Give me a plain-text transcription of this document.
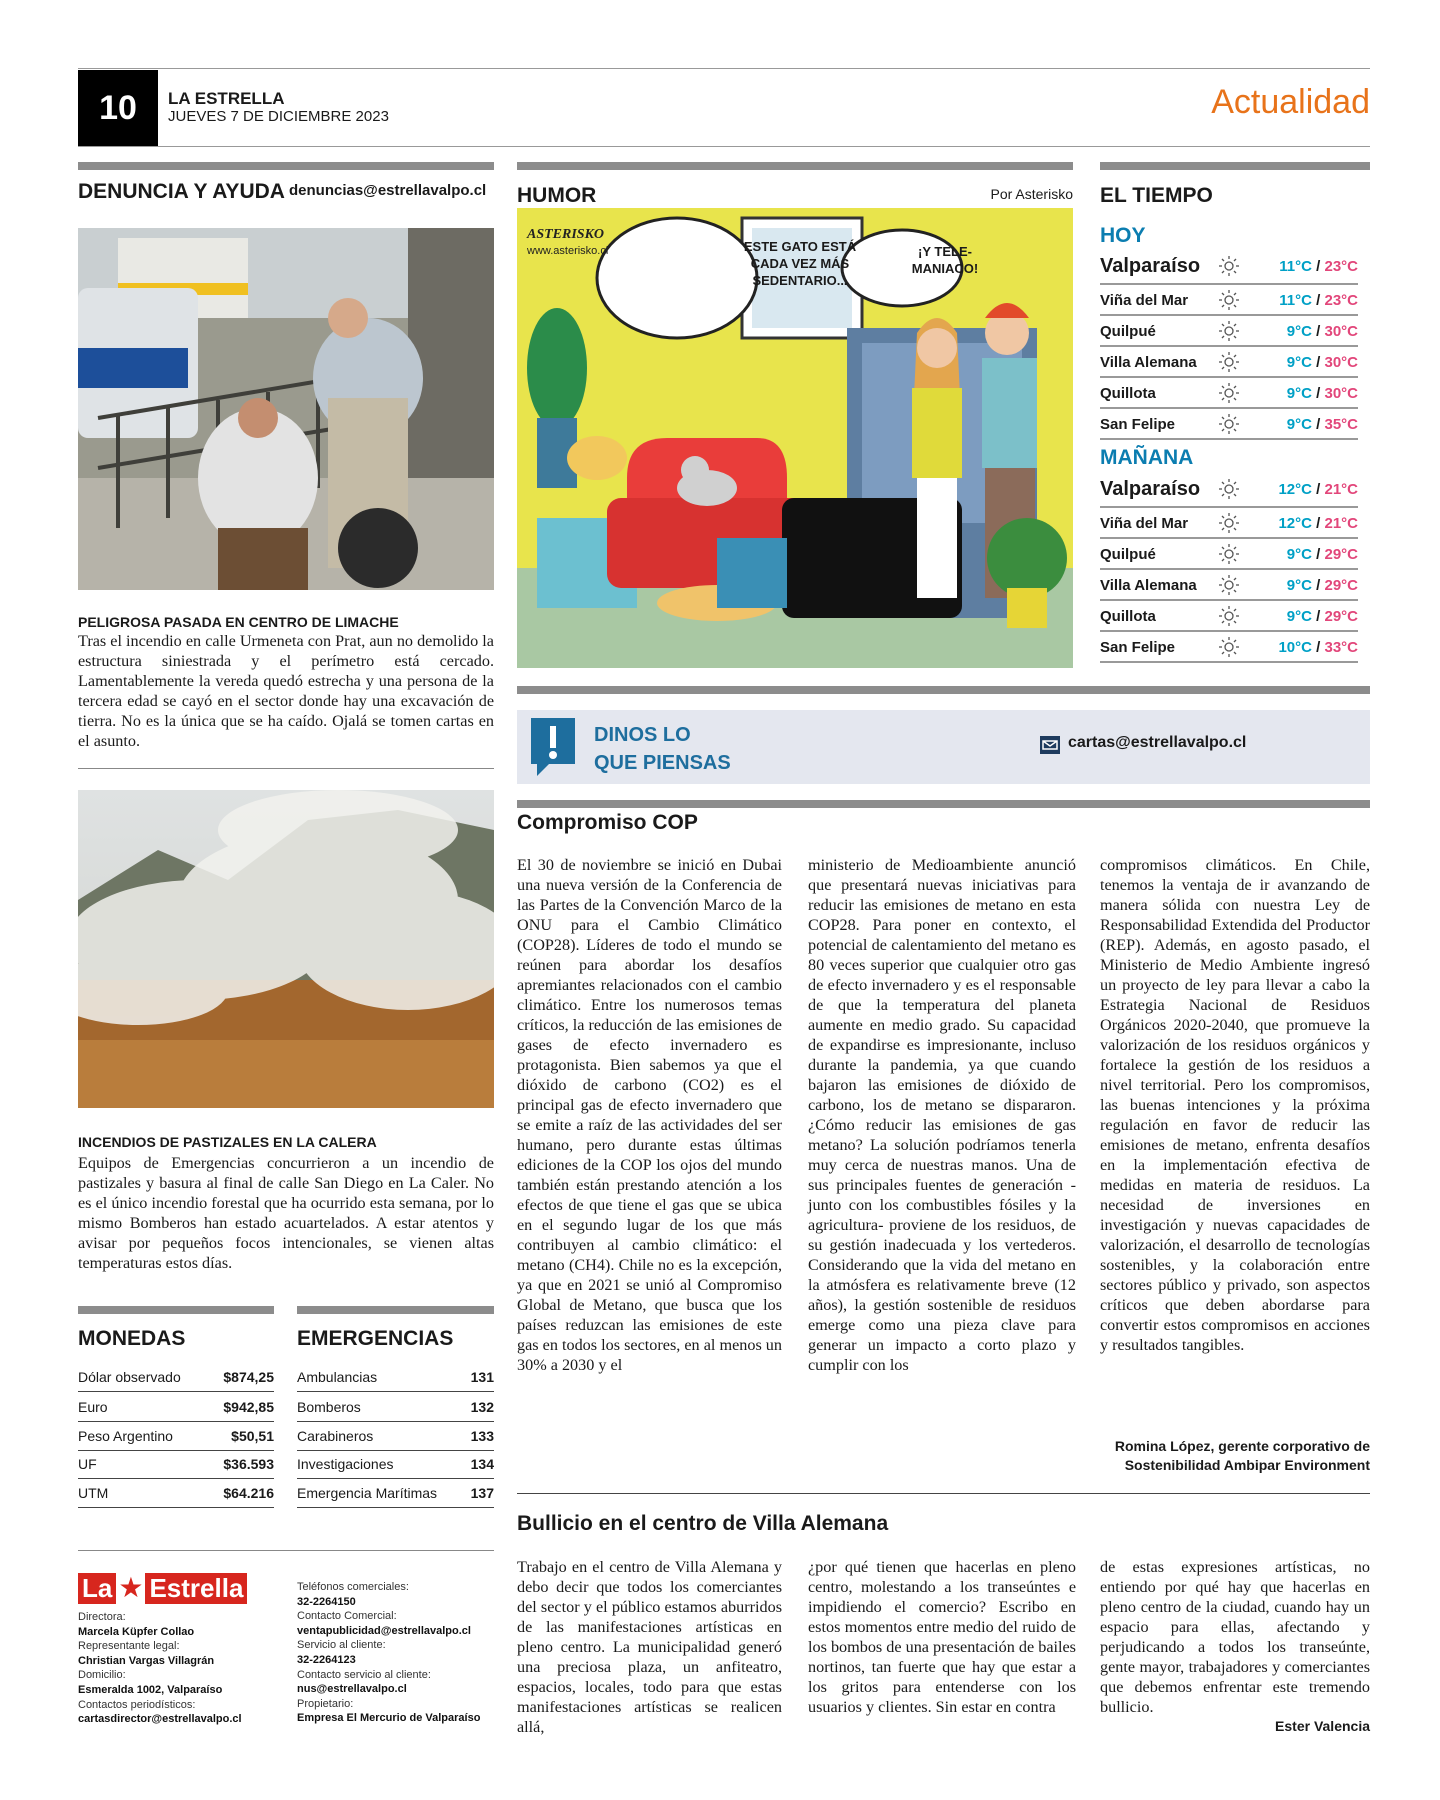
10	LA ESTRELLA
JUEVES 7 DE DICIEMBRE 2023	Actualidad
DENUNCIA Y AYUDA denuncias@estrellavalpo.cl
PELIGROSA PASADA EN CENTRO DE LIMACHE
Tras el incendio en calle Urmeneta con Prat, aun no demolido la estructura siniestrada y el perímetro está cercado. Lamentablemente la vereda quedó estrecha y una persona de la tercera edad se cayó en el sector donde hay una excavación de tierra. No es la única que se ha caído. Ojalá se tomen cartas en el asunto.
INCENDIOS DE PASTIZALES EN LA CALERA
Equipos de Emergencias concurrieron a un incendio de pastizales y basura al final de calle San Diego en La Caler. No es el único incendio forestal que ha ocurrido esta semana, por lo mismo Bomberos han estado acuartelados. A estar atentos y avisar por pequeños focos intencionales, se vienen altas temperaturas estos días.
MONEDAS	EMERGENCIAS
Dólar observado	$874,25
Euro	$942,85
Peso Argentino	$50,51
UF	$36.593
UTM	$64.216
Ambulancias	131
Bomberos	132
Carabineros	133
Investigaciones	134
Emergencia Marítimas 137
La ★ Estrella
Directora:
Marcela Küpfer Collao
Representante legal:
Christian Vargas Villagrán
Domicilio:
Esmeralda 1002, Valparaíso
Contactos periodísticos:
cartasdirector@estrellavalpo.cl
Teléfonos comerciales:
32-2264150
Contacto Comercial:
ventapublicidad@estrellavalpo.cl
Servicio al cliente:
32-2264123
Contacto servicio al cliente:
nus@estrellavalpo.cl
Propietario:
Empresa El Mercurio de Valparaíso
HUMOR	Por Asterisko
ASTERISKO
www.asterisko.cl	ESTE GATO ESTÁ CADA VEZ MÁS SEDENTARIO...
¡Y TELE-MANIACO!
EL TIEMPO
HOY
MAÑANA
Valparaíso	11°C / 23°C
Viña del Mar	11°C / 23°C
Quilpué	9°C / 30°C
Villa Alemana	9°C / 30°C
Quillota	9°C / 30°C
San Felipe	9°C / 35°C
Valparaíso	12°C / 21°C
Viña del Mar	12°C / 21°C
Quilpué	9°C / 29°C
Villa Alemana	9°C / 29°C
Quillota	9°C / 29°C
San Felipe	10°C / 33°C
DINOS LO
QUE PIENSAS
cartas@estrellavalpo.cl
Compromiso COP
El 30 de noviembre se inició en Dubai una nueva versión de la Conferencia de las Partes de la Convención Marco de la ONU para el Cambio Climático (COP28). Líderes de todo el mundo se reúnen para abordar los desafíos apremiantes relacionados con el cambio climático. Entre los numerosos temas críticos, la reducción de las emisiones de gases de efecto invernadero es protagonista. Bien sabemos ya que el dióxido de carbono (CO2) es el principal gas de efecto invernadero que se emite a raíz de las actividades del ser humano, pero durante estas últimas ediciones de la COP los ojos del mundo también están prestando atención a los efectos de que tiene el gas que se ubica en el segundo lugar de los que más contribuyen al cambio climático: el metano (CH4). Chile no es la excepción, ya que en 2021 se unió al Compromiso Global de Metano, que busca que los países reduzcan las emisiones de este gas en todos los sectores, en al menos un 30% a 2030 y el
ministerio de Medioambiente anunció que presentará nuevas iniciativas para reducir las emisiones de metano en esta COP28. Para poner en contexto, el potencial de calentamiento del metano es 80 veces superior que cualquier otro gas de efecto invernadero y es el responsable de que la temperatura del planeta aumente en medio grado. Su capacidad de expandirse es impresionante, incluso durante la pandemia, ya que cuando bajaron las emisiones de dióxido de carbono, los de metano se dispararon. ¿Cómo reducir las emisiones de gas metano? La solución podríamos tenerla muy cerca de nuestras manos. Una de sus principales fuentes de generación -junto con los combustibles fósiles y la agricultura- proviene de los residuos, de su gestión inadecuada y los vertederos. Considerando que la vida del metano en la atmósfera es relativamente breve (12 años), la gestión sostenible de residuos emerge como una pieza clave para generar un impacto a corto plazo y cumplir con los
compromisos climáticos. En Chile, tenemos la ventaja de ir avanzando de manera sólida con nuestra Ley de Responsabilidad Extendida del Productor (REP). Además, en agosto pasado, el Ministerio de Medio Ambiente ingresó un proyecto de ley para llevar a cabo la Estrategia Nacional de Residuos Orgánicos 2020-2040, que promueve la valorización de los residuos orgánicos y fortalece la gestión de los residuos a nivel territorial. Pero los compromisos, las buenas intenciones y la próxima regulación en favor de reducir las emisiones de metano, enfrenta desafíos en la implementación efectiva de medidas en materia de residuos. La necesidad de inversiones en investigación y nuevas capacidades de valorización, el desarrollo de tecnologías sostenibles, y la colaboración entre sectores público y privado, son aspectos críticos que deben abordarse para convertir estos compromisos en acciones y resultados tangibles.
Romina López, gerente corporativo de
Sostenibilidad Ambipar Environment
Bullicio en el centro de Villa Alemana
Trabajo en el centro de Villa Alemana y debo decir que todos los comerciantes del sector y el público estamos aburridos de las manifestaciones artísticas en pleno centro. La municipalidad generó una preciosa plaza, un anfiteatro, espacios, locales, todo para que estas manifestaciones artísticas se realicen allá,
¿por qué tienen que hacerlas en pleno centro, molestando a los transeúntes e impidiendo el comercio? Escribo en estos momentos entre medio del ruido de los bombos de una presentación de bailes nortinos, tan fuerte que hay que estar a los gritos para entenderse con los usuarios y clientes. Sin estar en contra
de estas expresiones artísticas, no entiendo por qué hay que hacerlas en pleno centro de la ciudad, cuando hay un espacio para ellas, afectando y perjudicando a todos los transeúnte, gente mayor, trabajadores y comerciantes que debemos enfrentar este tremendo bullicio.
Ester Valencia
